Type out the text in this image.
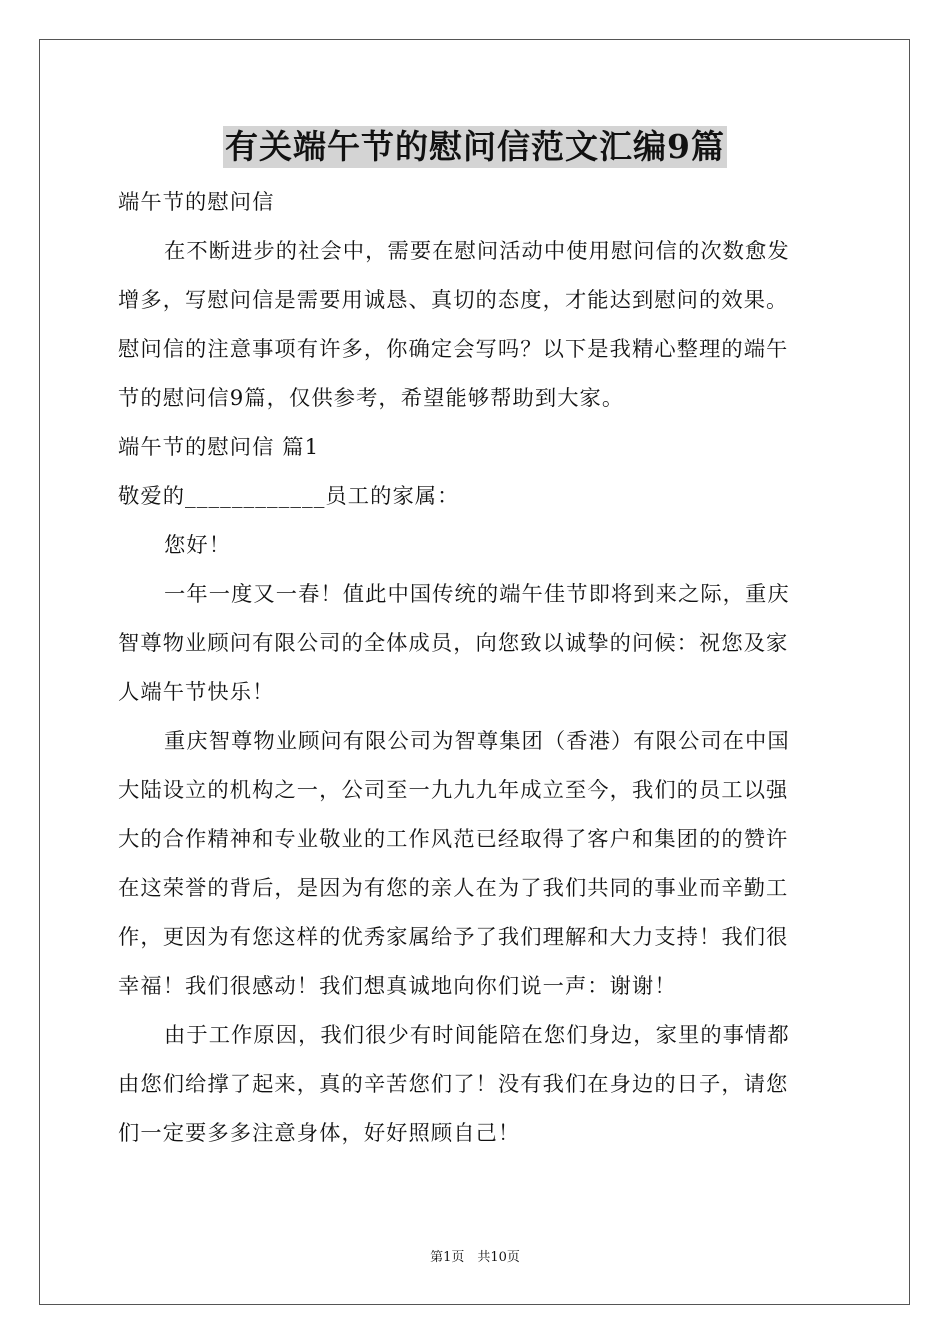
有关端午节的慰问信范文汇编9篇
端午节的慰问信
在不断进步的社会中，需要在慰问活动中使用慰问信的次数愈发
增多，写慰问信是需要用诚恳、真切的态度，才能达到慰问的效果。
慰问信的注意事项有许多，你确定会写吗？以下是我精心整理的端午
节的慰问信9篇，仅供参考，希望能够帮助到大家。
端午节的慰问信 篇1
敬爱的____________员工的家属：
您好！
一年一度又一春！值此中国传统的端午佳节即将到来之际，重庆
智尊物业顾问有限公司的全体成员，向您致以诚挚的问候：祝您及家
人端午节快乐！
重庆智尊物业顾问有限公司为智尊集团（香港）有限公司在中国
大陆设立的机构之一，公司至一九九九年成立至今，我们的员工以强
大的合作精神和专业敬业的工作风范已经取得了客户和集团的的赞许
在这荣誉的背后，是因为有您的亲人在为了我们共同的事业而辛勤工
作，更因为有您这样的优秀家属给予了我们理解和大力支持！我们很
幸福！我们很感动！我们想真诚地向你们说一声：谢谢！
由于工作原因，我们很少有时间能陪在您们身边，家里的事情都
由您们给撑了起来，真的辛苦您们了！没有我们在身边的日子，请您
们一定要多多注意身体，好好照顾自己！
第1页　共10页
